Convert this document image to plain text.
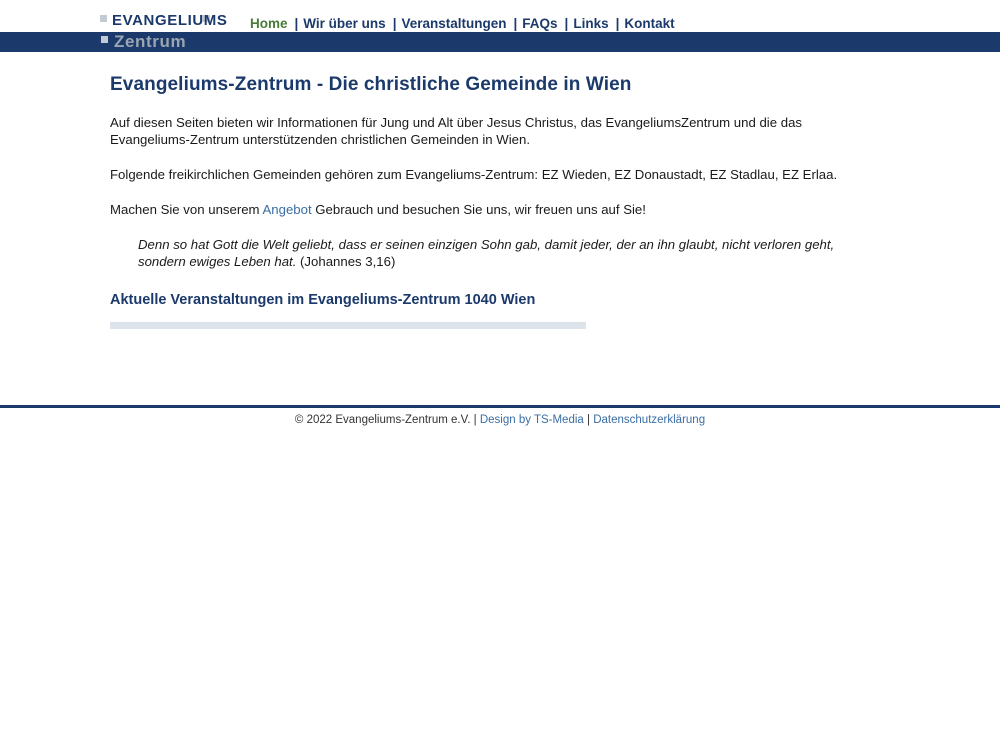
EVANGELIUMS
Zentrum
Home | Wir über uns | Veranstaltungen | FAQs | Links | Kontakt
Evangeliums-Zentrum - Die christliche Gemeinde in Wien

Auf diesen Seiten bieten wir Informationen für Jung und Alt über Jesus Christus, das EvangeliumsZentrum und die das Evangeliums-Zentrum unterstützenden christlichen Gemeinden in Wien.

Folgende freikirchlichen Gemeinden gehören zum Evangeliums-Zentrum: EZ Wieden, EZ Donaustadt, EZ Stadlau, EZ Erlaa.

Machen Sie von unserem Angebot Gebrauch und besuchen Sie uns, wir freuen uns auf Sie!

Denn so hat Gott die Welt geliebt, dass er seinen einzigen Sohn gab, damit jeder, der an ihn glaubt, nicht verloren geht, sondern ewiges Leben hat. (Johannes 3,16)
Aktuelle Veranstaltungen im Evangeliums-Zentrum 1040 Wien
© 2022 Evangeliums-Zentrum e.V. | Design by TS-Media | Datenschutzerklärung
